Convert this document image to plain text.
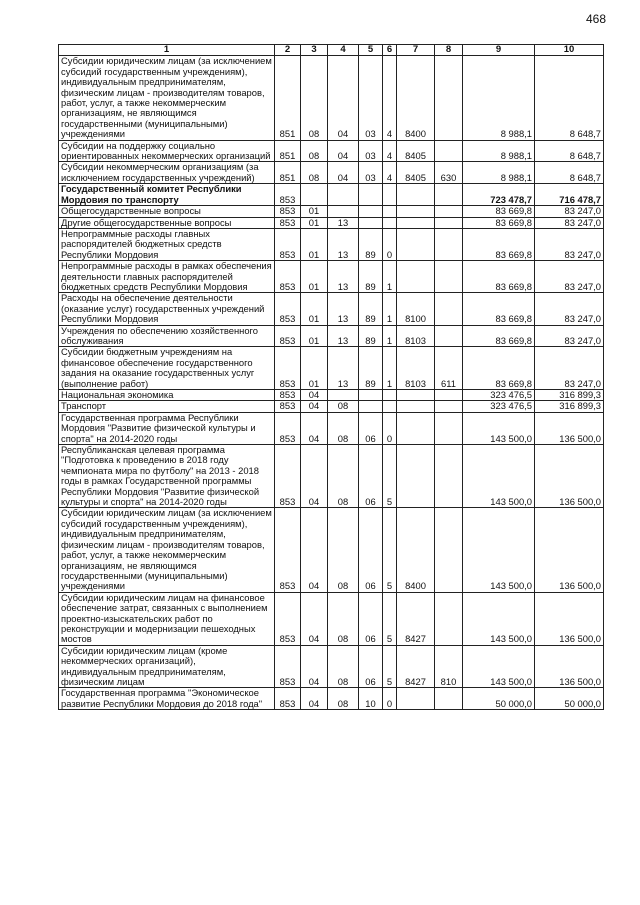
468
1	2	3	4	5	6	7	8	9	10
Субсидии юридическим лицам (за исключением субсидий государственным учреждениям), индивидуальным предпринимателям, физическим лицам - производителям товаров, работ, услуг, а также некоммерческим организациям, не являющимся государственными (муниципальными) учреждениями	851	08	04	03	4	8400		8 988,1	8 648,7
Субсидии на поддержку социально ориентированных некоммерческих организаций	851	08	04	03	4	8405		8 988,1	8 648,7
Субсидии некоммерческим организациям (за исключением государственных учреждений)	851	08	04	03	4	8405	630	8 988,1	8 648,7
Государственный комитет Республики Мордовия по транспорту	853							723 478,7	716 478,7
Общегосударственные вопросы	853	01						83 669,8	83 247,0
Другие общегосударственные вопросы	853	01	13					83 669,8	83 247,0
Непрограммные расходы главных распорядителей бюджетных средств Республики Мордовия	853	01	13	89	0			83 669,8	83 247,0
Непрограммные расходы в рамках обеспечения деятельности главных распорядителей бюджетных средств Республики Мордовия	853	01	13	89	1			83 669,8	83 247,0
Расходы на обеспечение деятельности (оказание услуг) государственных учреждений Республики Мордовия	853	01	13	89	1	8100		83 669,8	83 247,0
Учреждения по обеспечению хозяйственного обслуживания	853	01	13	89	1	8103		83 669,8	83 247,0
Субсидии бюджетным учреждениям на финансовое обеспечение государственного задания на оказание государственных услуг (выполнение работ)	853	01	13	89	1	8103	611	83 669,8	83 247,0
Национальная экономика	853	04						323 476,5	316 899,3
Транспорт	853	04	08					323 476,5	316 899,3
Государственная программа Республики Мордовия "Развитие физической культуры и спорта" на 2014-2020 годы	853	04	08	06	0			143 500,0	136 500,0
Республиканская целевая программа "Подготовка к проведению в 2018 году чемпионата мира по футболу" на 2013 - 2018 годы в рамках Государственной программы Республики Мордовия "Развитие физической культуры и спорта" на 2014-2020 годы	853	04	08	06	5			143 500,0	136 500,0
Субсидии юридическим лицам (за исключением субсидий государственным учреждениям), индивидуальным предпринимателям, физическим лицам - производителям товаров, работ, услуг, а также некоммерческим организациям, не являющимся государственными (муниципальными) учреждениями	853	04	08	06	5	8400		143 500,0	136 500,0
Субсидии юридическим лицам на финансовое обеспечение затрат, связанных с выполнением проектно-изыскательских работ по реконструкции и модернизации пешеходных мостов	853	04	08	06	5	8427		143 500,0	136 500,0
Субсидии юридическим лицам (кроме некоммерческих организаций), индивидуальным предпринимателям, физическим лицам	853	04	08	06	5	8427	810	143 500,0	136 500,0
Государственная программа "Экономическое развитие Республики Мордовия до 2018 года"	853	04	08	10	0			50 000,0	50 000,0
